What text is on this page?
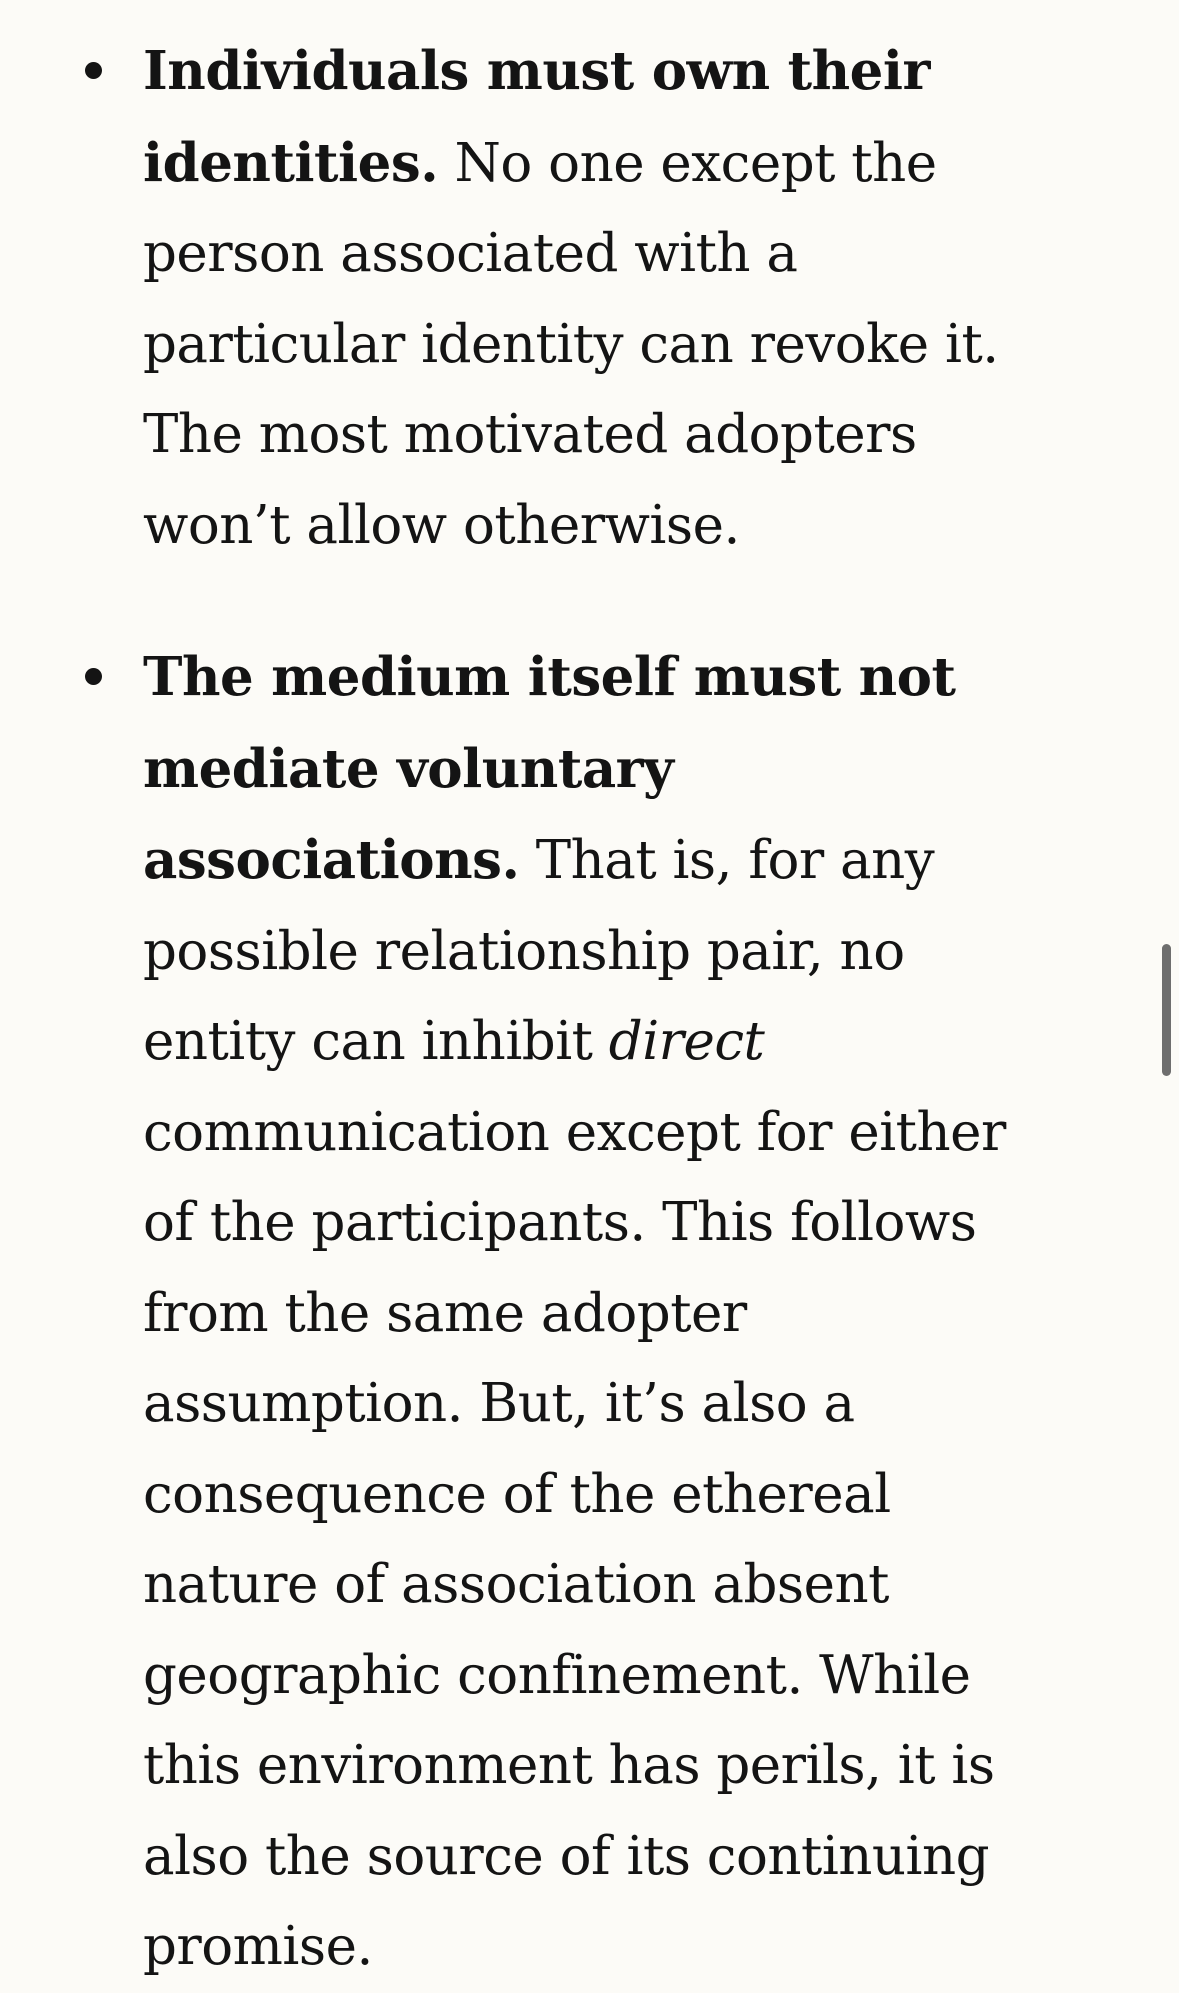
Individuals must own their identities. No one except the person associated with a particular identity can revoke it. The most motivated adopters won’t allow otherwise.
The medium itself must not mediate voluntary associations. That is, for any possible relationship pair, no entity can inhibit direct communication except for either of the participants. This follows from the same adopter assumption. But, it’s also a consequence of the ethereal nature of association absent geographic confinement. While this environment has perils, it is also the source of its continuing promise.
